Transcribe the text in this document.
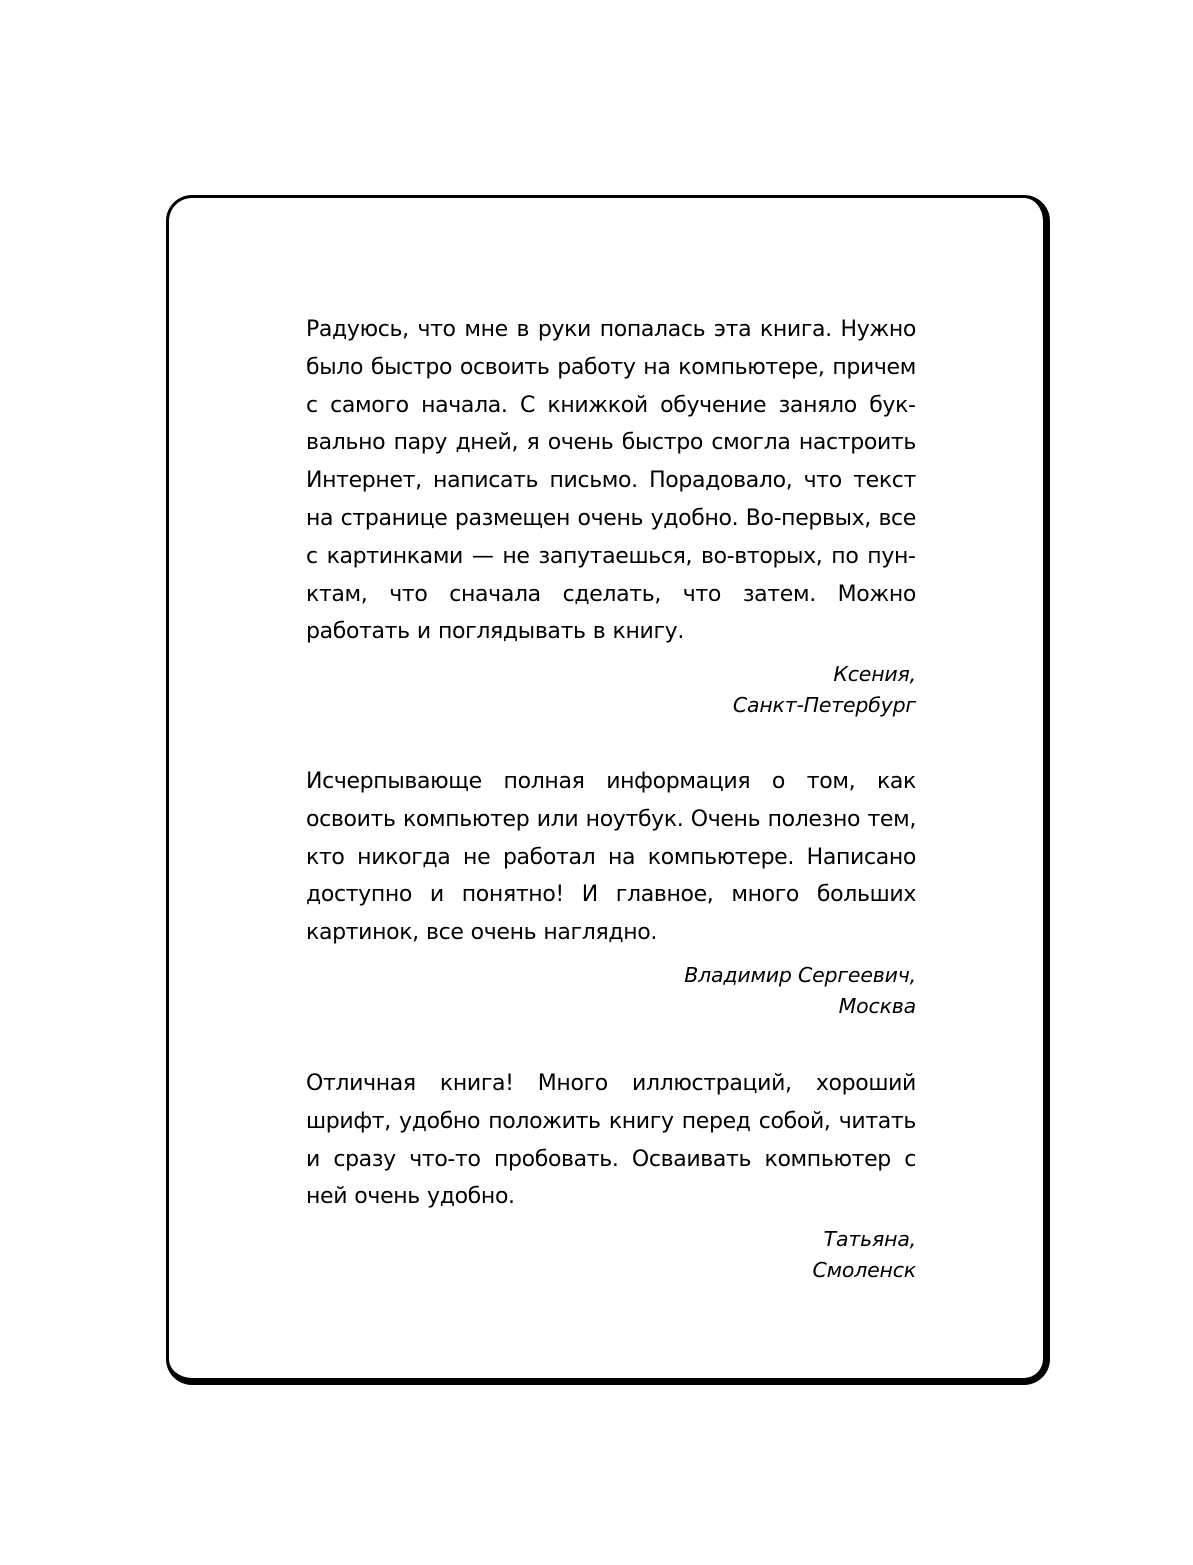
Радуюсь, что мне в руки попалась эта книга. Нужно было быстро освоить работу на компьютере, причем с самого начала. С книжкой обучение заняло буквально пару дней, я очень быстро смогла настроить Интернет, написать письмо. Порадовало, что текст на странице размещен очень удобно. Во-первых, все с картинками — не запутаешься, во-вторых, по пунктам, что сначала сделать, что затем. Можно работать и поглядывать в книгу.

Ксения,
Санкт-Петербург

Исчерпывающе полная информация о том, как освоить компьютер или ноутбук. Очень полезно тем, кто никогда не работал на компьютере. Написано доступно и понятно! И главное, много больших картинок, все очень наглядно.

Владимир Сергеевич,
Москва

Отличная книга! Много иллюстраций, хороший шрифт, удобно положить книгу перед собой, читать и сразу что-то пробовать. Осваивать компьютер с ней очень удобно.

Татьяна,
Смоленск
